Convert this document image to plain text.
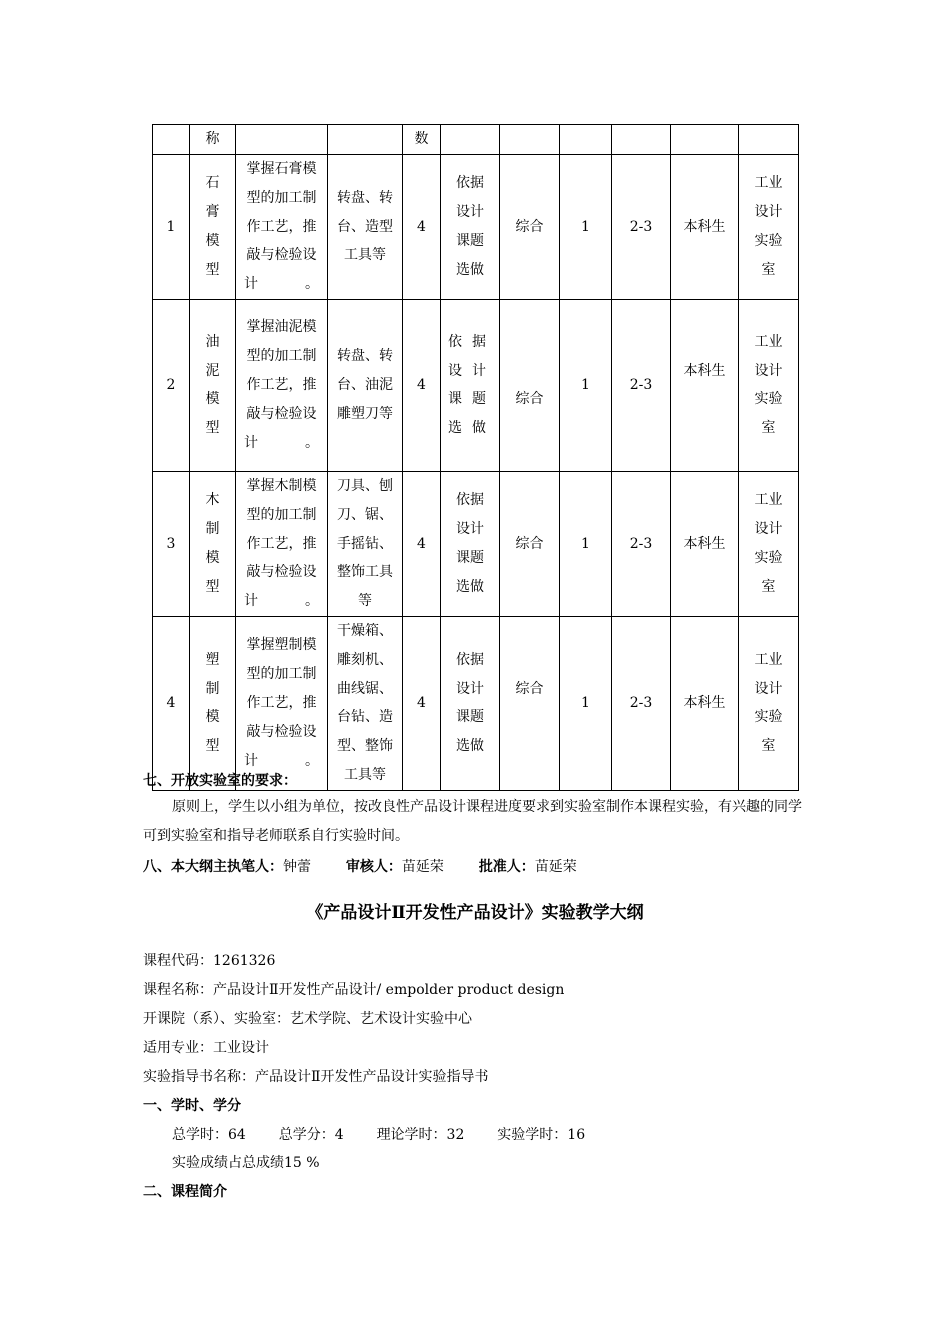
	称			数						
1	石膏模型	掌握石膏模型的加工制作工艺，推敲与检验设计。	转盘、转台、造型工具等	4	依据设计课题选做	综合	1	2-3	本科生	工业设计实验室

2	油泥模型	掌握油泥模型的加工制作工艺，推敲与检验设计。	转盘、转台、油泥雕塑刀等	4	依据设计课题选做	综合	1	2-3	本科生	工业设计实验室

3	木制模型	掌握木制模型的加工制作工艺，推敲与检验设计。	刀具、刨刀、锯、手摇钻、整饰工具等	4	依据设计课题选做	综合	1	2-3	本科生	工业设计实验室

4	塑制模型	掌握塑制模型的加工制作工艺，推敲与检验设计。	干燥箱、雕刻机、曲线锯、台钻、造型、整饰工具等	4	依据设计课题选做	综合	1	2-3	本科生	工业设计实验室
七、开放实验室的要求：
原则上，学生以小组为单位，按改良性产品设计课程进度要求到实验室制作本课程实验，有兴趣的同学可到实验室和指导老师联系自行实验时间。
八、本大纲主执笔人：钟蕾 审核人：苗延荣 批准人：苗延荣
《产品设计Ⅱ开发性产品设计》实验教学大纲
课程代码：1261326
课程名称：产品设计Ⅱ开发性产品设计/ empolder product design
开课院（系）、实验室：艺术学院、艺术设计实验中心
适用专业：工业设计
实验指导书名称：产品设计Ⅱ开发性产品设计实验指导书
一、学时、学分
总学时：64 总学分：4 理论学时：32 实验学时：16
实验成绩占总成绩15 %
二、课程简介
